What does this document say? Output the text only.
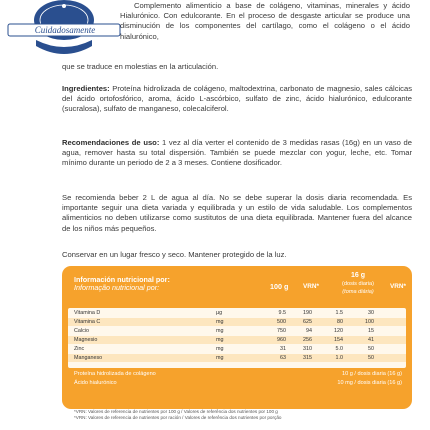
Cuidadosamente

Complemento alimenticio a base de colágeno, vitaminas, minerales y ácido Hialurónico. Con edulcorante. En el proceso de desgaste articular se produce una disminución de los componentes del cartílago, como el colágeno o el ácido hialurónico,

que se traduce en molestias en la articulación.

Ingredientes: Proteína hidrolizada de colágeno, maltodextrina, carbonato de magnesio, sales cálcicas del ácido ortofosfórico, aroma, ácido L-ascórbico, sulfato de zinc, ácido hialurónico, edulcorante (sucralosa), sulfato de manganeso, colecalciferol.

Recomendaciones de uso: 1 vez al día verter el contenido de 3 medidas rasas (16g) en un vaso de agua, remover hasta su total dispersión. También se puede mezclar con yogur, leche, etc. Tomar mínimo durante un periodo de 2 a 3 meses. Contiene dosificador.

Se recomienda beber 2 L de agua al día. No se debe superar la dosis diaria recomendada. Es importante seguir una dieta variada y equilibrada y un estilo de vida saludable. Los complementos alimenticios no deben utilizarse como sustitutos de una dieta equilibrada. Mantener fuera del alcance de los niños más pequeños.

Conservar en un lugar fresco y seco. Mantener protegido de la luz.

Información nutricional por:
Informação nutricional por:	100 g VRN*
16 g
(dosis diaria)
(toma diária)
VRN*
Vitamina D	µg	9.5	190	1.5	30
Vitamina C	mg	500	625	80	100
Calcio	mg	750	94	120	15
Magnesio	mg	960	256	154	41
Zinc	mg	31	310	5.0	50
Manganeso	mg	63	315	1.0	50
Proteína hidrolizada de colágeno	10 g / dosis diaria (16 g)
Ácido hialurónico	10 mg / dosis diaria (16 g)
*VRN: Valores de referencia de nutrientes por 100 g / Valores de referência dos nutrientes por 100 g
*VRN: Valores de referencia de nutrientes por ración / Valores de referência dos nutrientes por porção
